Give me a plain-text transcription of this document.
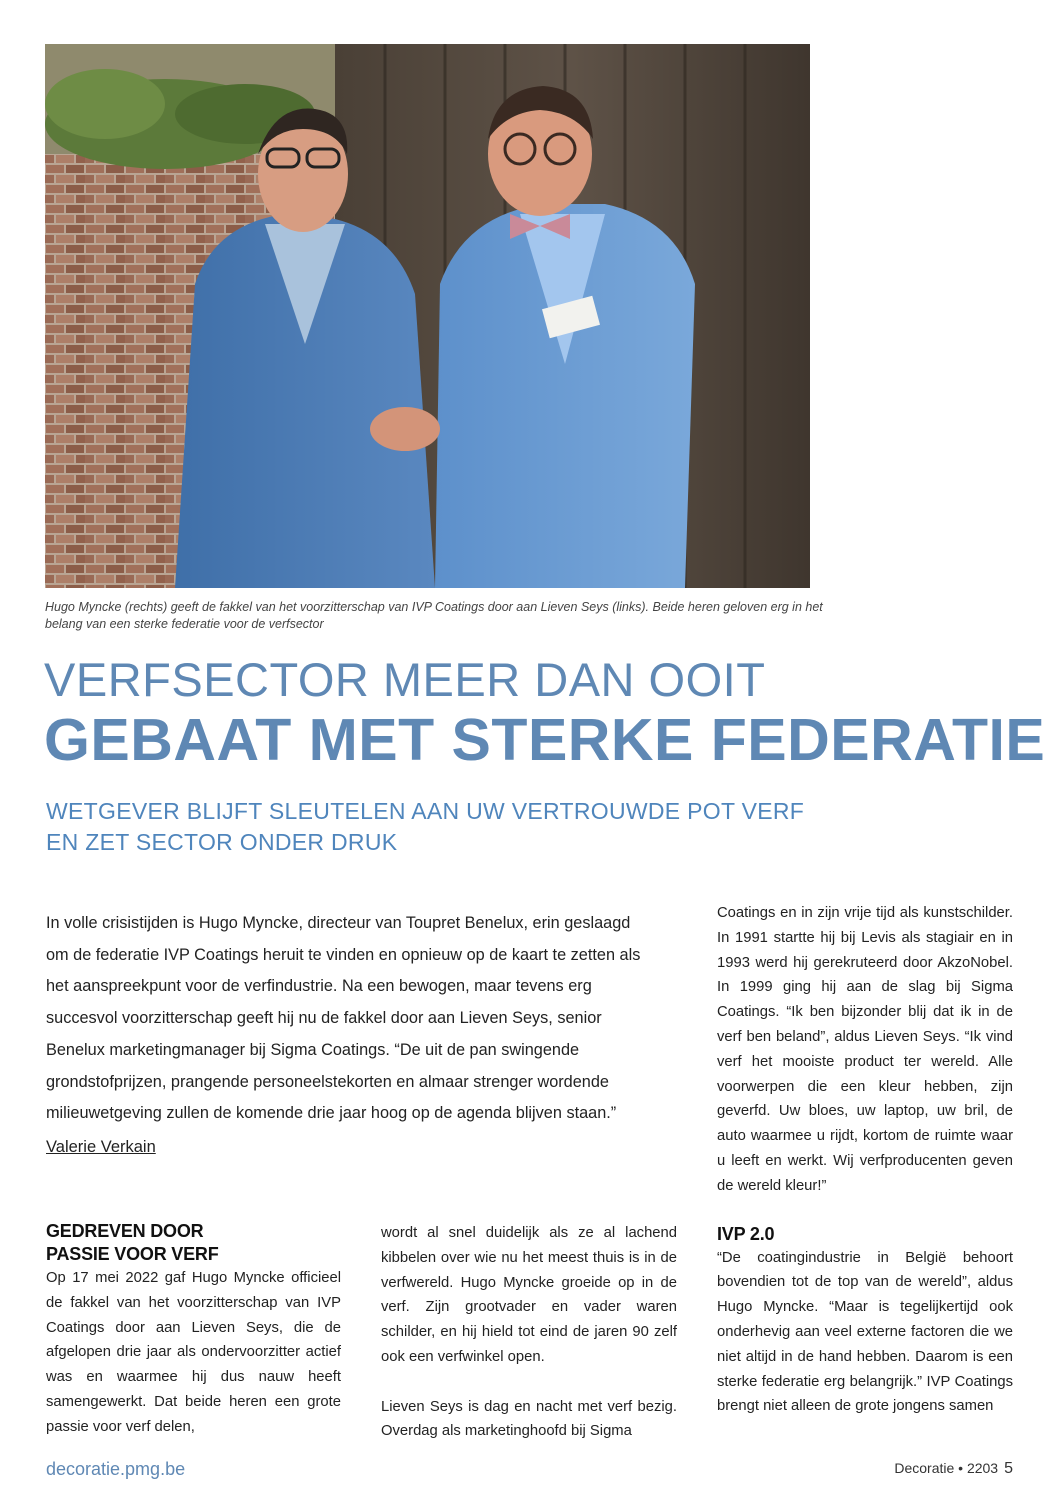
Hugo Myncke (rechts) geeft de fakkel van het voorzitterschap van IVP Coatings door aan Lieven Seys (links). Beide heren geloven erg in het belang van een sterke federatie voor de verfsector
VERFSECTOR MEER DAN OOIT
GEBAAT MET STERKE FEDERATIE
WETGEVER BLIJFT SLEUTELEN AAN UW VERTROUWDE POT VERF
EN ZET SECTOR ONDER DRUK
In volle crisistijden is Hugo Myncke, directeur van Toupret Benelux, erin geslaagd
om de federatie IVP Coatings heruit te vinden en opnieuw op de kaart te zetten als
het aanspreekpunt voor de verfindustrie. Na een bewogen, maar tevens erg
succesvol voorzitterschap geeft hij nu de fakkel door aan Lieven Seys, senior
Benelux marketingmanager bij Sigma Coatings. “De uit de pan swingende
grondstofprijzen, prangende personeelstekorten en almaar strenger wordende
milieuwetgeving zullen de komende drie jaar hoog op de agenda blijven staan.”
Valerie Verkain
GEDREVEN DOOR
PASSIE VOOR VERF

Op 17 mei 2022 gaf Hugo Myncke officieel de fakkel van het voorzitterschap van IVP Coatings door aan Lieven Seys, die de afgelopen drie jaar als ondervoorzitter actief was en waarmee hij dus nauw heeft samengewerkt. Dat beide heren een grote passie voor verf delen,

wordt al snel duidelijk als ze al lachend kibbelen over wie nu het meest thuis is in de verfwereld. Hugo Myncke groeide op in de verf. Zijn grootvader en vader waren schilder, en hij hield tot eind de jaren 90 zelf ook een verfwinkel open.

Lieven Seys is dag en nacht met verf bezig. Overdag als marketinghoofd bij Sigma

Coatings en in zijn vrije tijd als kunstschilder. In 1991 startte hij bij Levis als stagiair en in 1993 werd hij gerekruteerd door AkzoNobel. In 1999 ging hij aan de slag bij Sigma Coatings. “Ik ben bijzonder blij dat ik in de verf ben beland”, aldus Lieven Seys. “Ik vind verf het mooiste product ter wereld. Alle voorwerpen die een kleur hebben, zijn geverfd. Uw bloes, uw laptop, uw bril, de auto waarmee u rijdt, kortom de ruimte waar u leeft en werkt. Wij verfproducenten geven de wereld kleur!”

IVP 2.0

“De coatingindustrie in België behoort bovendien tot de top van de wereld”, aldus Hugo Myncke. “Maar is tegelijkertijd ook onderhevig aan veel externe factoren die we niet altijd in de hand hebben. Daarom is een sterke federatie erg belangrijk.” IVP Coatings brengt niet alleen de grote jongens samen

decoratie.pmg.be	Decoratie • 2203 5
